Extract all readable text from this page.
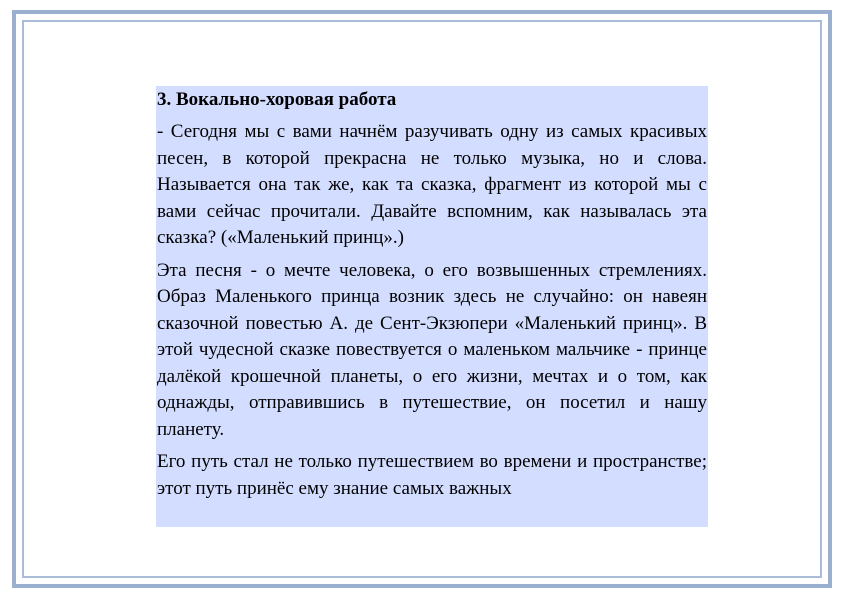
3. Вокально-хоровая работа
- Сегодня мы с вами начнём разучивать одну из самых красивых песен, в которой прекрасна не только музыка, но и слова. Называется она так же, как та сказка, фрагмент из которой мы с вами сейчас прочитали. Давайте вспомним, как называлась эта сказка? («Маленький принц».)
Эта песня - о мечте человека, о его возвышенных стремлениях. Образ Маленького принца возник здесь не случайно: он навеян сказочной повестью А. де Сент-Экзюпери «Маленький принц». В этой чудесной сказке повествуется о маленьком мальчике - принце далёкой крошечной планеты, о его жизни, мечтах и о том, как однажды, отправившись в путешествие, он посетил и нашу планету.
Его путь стал не только путешествием во времени и пространстве; этот путь принёс ему знание самых важных
